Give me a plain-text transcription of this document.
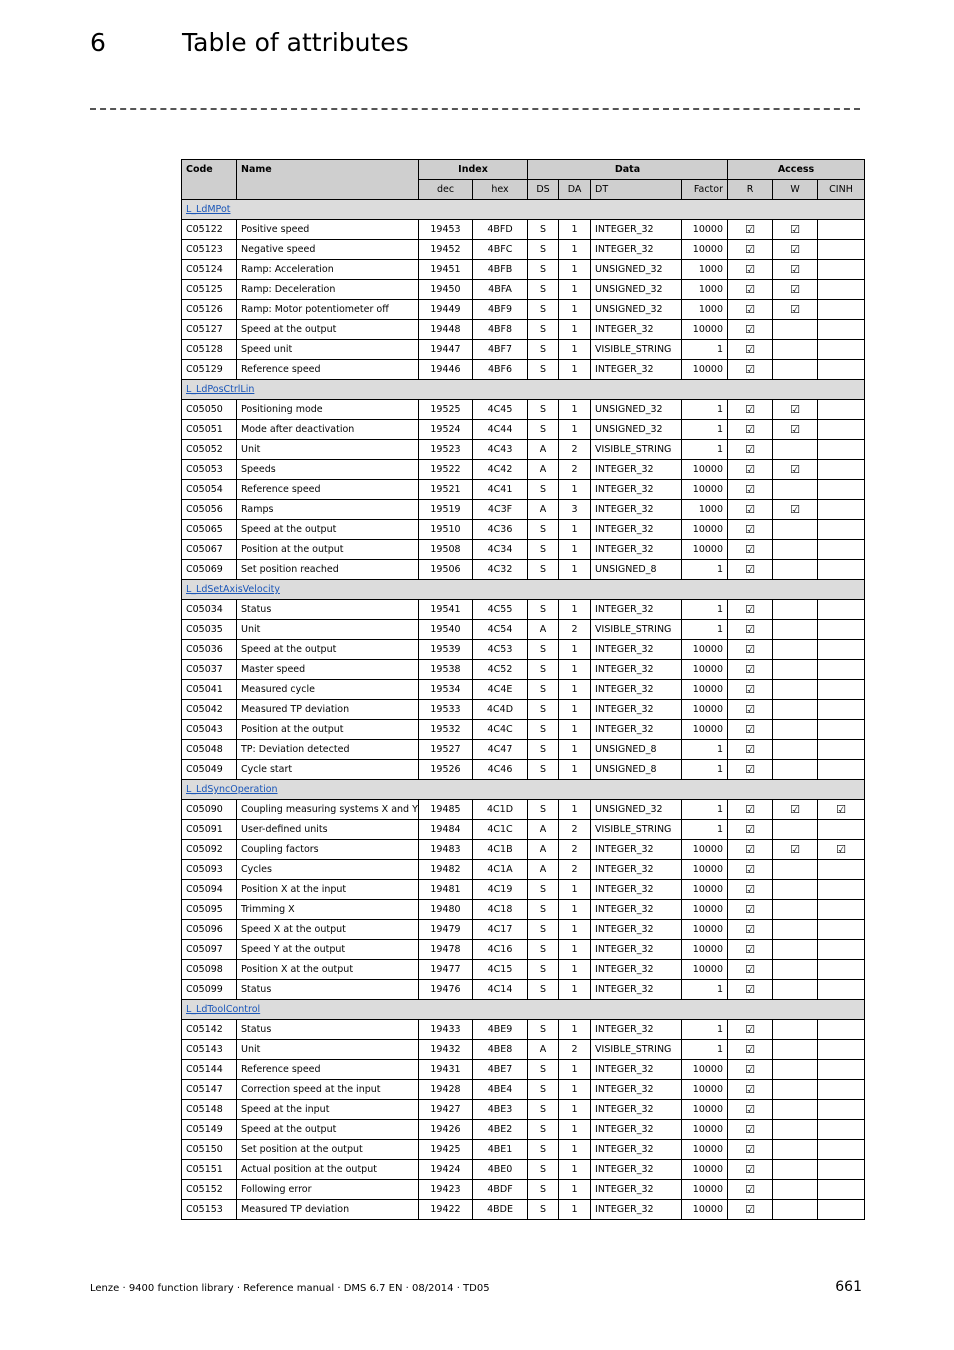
6	Table of attributes
Code	Name	Index		Data				Access		
		dec	hex	DS	DA	DT	Factor	R	W	CINH
L_LdMPot										
C05122	Positive speed	19453	4BFD	S	1	INTEGER_32	10000	☑	☑	
C05123	Negative speed	19452	4BFC	S	1	INTEGER_32	10000	☑	☑	
C05124	Ramp: Acceleration	19451	4BFB	S	1	UNSIGNED_32	1000	☑	☑	
C05125	Ramp: Deceleration	19450	4BFA	S	1	UNSIGNED_32	1000	☑	☑	
C05126	Ramp: Motor potentiometer off	19449	4BF9	S	1	UNSIGNED_32	1000	☑	☑	
C05127	Speed at the output	19448	4BF8	S	1	INTEGER_32	10000	☑		
C05128	Speed unit	19447	4BF7	S	1	VISIBLE_STRING	1	☑		
C05129	Reference speed	19446	4BF6	S	1	INTEGER_32	10000	☑		
L_LdPosCtrlLin										
C05050	Positioning mode	19525	4C45	S	1	UNSIGNED_32	1	☑	☑	
C05051	Mode after deactivation	19524	4C44	S	1	UNSIGNED_32	1	☑	☑	
C05052	Unit	19523	4C43	A	2	VISIBLE_STRING	1	☑		
C05053	Speeds	19522	4C42	A	2	INTEGER_32	10000	☑	☑	
C05054	Reference speed	19521	4C41	S	1	INTEGER_32	10000	☑		
C05056	Ramps	19519	4C3F	A	3	INTEGER_32	1000	☑	☑	
C05065	Speed at the output	19510	4C36	S	1	INTEGER_32	10000	☑		
C05067	Position at the output	19508	4C34	S	1	INTEGER_32	10000	☑		
C05069	Set position reached	19506	4C32	S	1	UNSIGNED_8	1	☑		
L_LdSetAxisVelocity										
C05034	Status	19541	4C55	S	1	INTEGER_32	1	☑		
C05035	Unit	19540	4C54	A	2	VISIBLE_STRING	1	☑		
C05036	Speed at the output	19539	4C53	S	1	INTEGER_32	10000	☑		
C05037	Master speed	19538	4C52	S	1	INTEGER_32	10000	☑		
C05041	Measured cycle	19534	4C4E	S	1	INTEGER_32	10000	☑		
C05042	Measured TP deviation	19533	4C4D	S	1	INTEGER_32	10000	☑		
C05043	Position at the output	19532	4C4C	S	1	INTEGER_32	10000	☑		
C05048	TP: Deviation detected	19527	4C47	S	1	UNSIGNED_8	1	☑		
C05049	Cycle start	19526	4C46	S	1	UNSIGNED_8	1	☑		
L_LdSyncOperation										
C05090	Coupling measuring systems X and Y	19485	4C1D	S	1	UNSIGNED_32	1	☑	☑	☑
C05091	User-defined units	19484	4C1C	A	2	VISIBLE_STRING	1	☑		
C05092	Coupling factors	19483	4C1B	A	2	INTEGER_32	10000	☑	☑	☑
C05093	Cycles	19482	4C1A	A	2	INTEGER_32	10000	☑		
C05094	Position X at the input	19481	4C19	S	1	INTEGER_32	10000	☑		
C05095	Trimming X	19480	4C18	S	1	INTEGER_32	10000	☑		
C05096	Speed X at the output	19479	4C17	S	1	INTEGER_32	10000	☑		
C05097	Speed Y at the output	19478	4C16	S	1	INTEGER_32	10000	☑		
C05098	Position X at the output	19477	4C15	S	1	INTEGER_32	10000	☑		
C05099	Status	19476	4C14	S	1	INTEGER_32	1	☑		
L_LdToolControl										
C05142	Status	19433	4BE9	S	1	INTEGER_32	1	☑		
C05143	Unit	19432	4BE8	A	2	VISIBLE_STRING	1	☑		
C05144	Reference speed	19431	4BE7	S	1	INTEGER_32	10000	☑		
C05147	Correction speed at the input	19428	4BE4	S	1	INTEGER_32	10000	☑		
C05148	Speed at the input	19427	4BE3	S	1	INTEGER_32	10000	☑		
C05149	Speed at the output	19426	4BE2	S	1	INTEGER_32	10000	☑		
C05150	Set position at the output	19425	4BE1	S	1	INTEGER_32	10000	☑		
C05151	Actual position at the output	19424	4BE0	S	1	INTEGER_32	10000	☑		
C05152	Following error	19423	4BDF	S	1	INTEGER_32	10000	☑		
C05153	Measured TP deviation	19422	4BDE	S	1	INTEGER_32	10000	☑		
Lenze · 9400 function library · Reference manual · DMS 6.7 EN · 08/2014 · TD05	661
